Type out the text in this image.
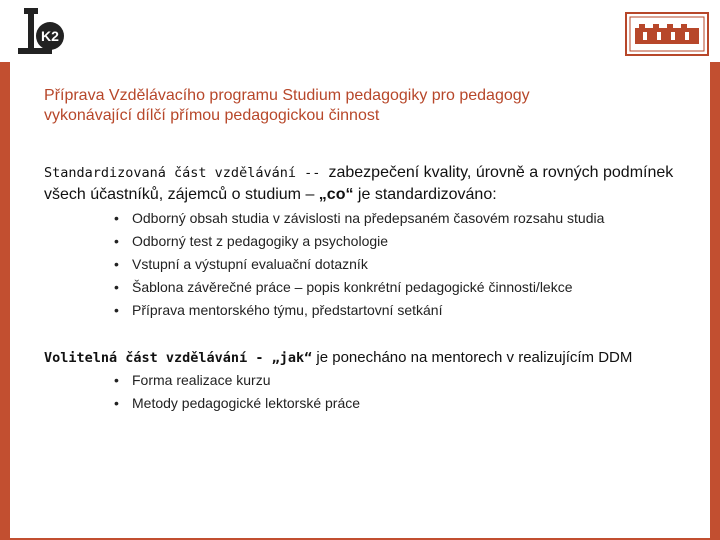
K2
Příprava Vzdělávacího programu Studium pedagogiky pro pedagogy
vykonávající dílčí přímou pedagogickou činnost
Standardizovaná část vzdělávání -- zabezpečení kvality, úrovně a rovných podmínek všech účastníků, zájemců o studium – „co“ je standardizováno:
• Odborný obsah studia v závislosti na předepsaném časovém rozsahu studia
• Odborný test z pedagogiky a psychologie
• Vstupní a výstupní evaluační dotazník
• Šablona závěrečné práce – popis konkrétní pedagogické činnosti/lekce
• Příprava mentorského týmu, předstartovní setkání
Volitelná část vzdělávání - „jak“ je ponecháno na mentorech v realizujícím DDM
• Forma realizace kurzu
• Metody pedagogické lektorské práce
